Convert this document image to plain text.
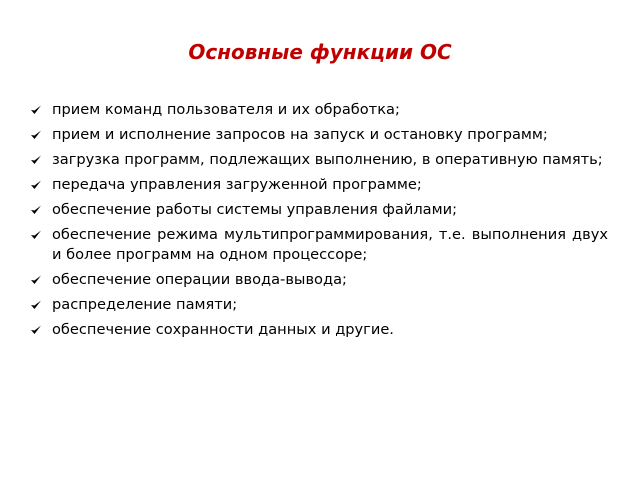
Основные функции ОС
прием команд пользователя и их обработка;
прием и исполнение запросов на запуск и остановку программ;
загрузка программ, подлежащих выполнению, в оперативную память;
передача управления загруженной программе;
обеспечение работы системы управления файлами;
обеспечение режима мультипрограммирования, т.е. выполнения двух и более программ на одном процессоре;
обеспечение операции ввода-вывода;
распределение памяти;
обеспечение сохранности данных и другие.
